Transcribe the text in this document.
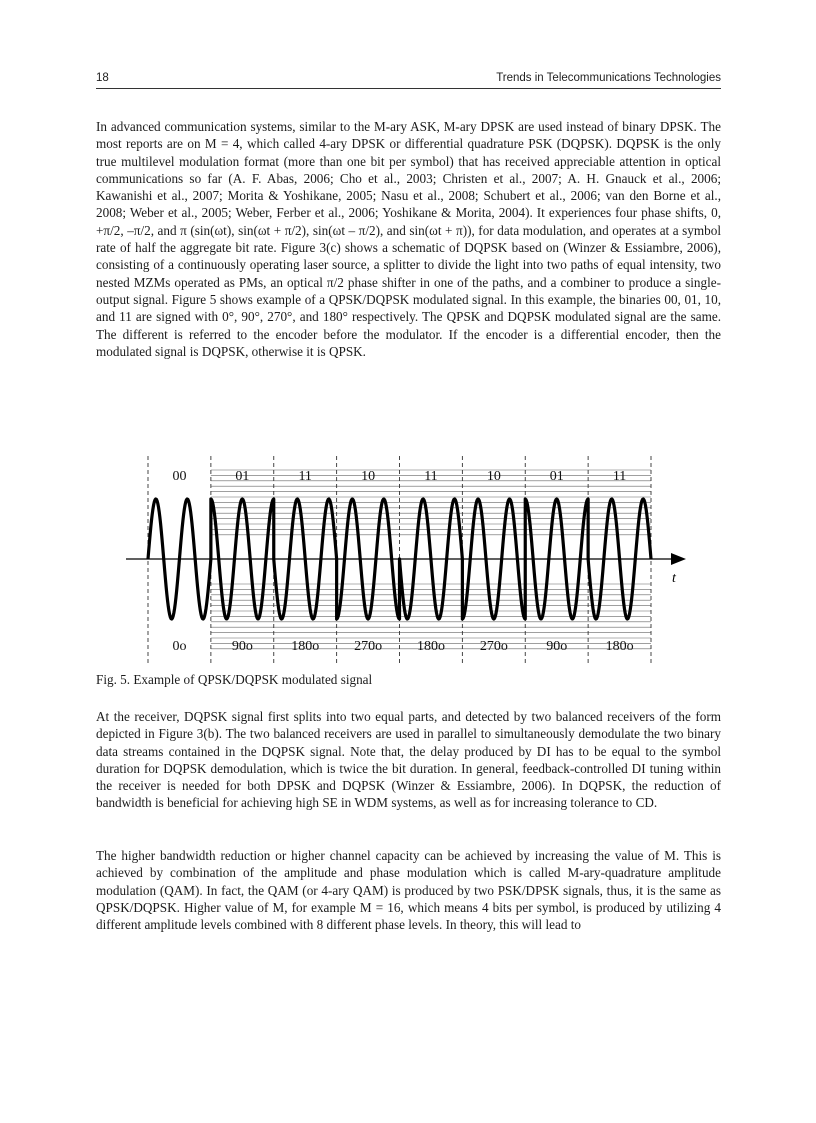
18	Trends in Telecommunications Technologies

In advanced communication systems, similar to the M-ary ASK, M-ary DPSK are used instead of binary DPSK. The most reports are on M = 4, which called 4-ary DPSK or differential quadrature PSK (DQPSK). DQPSK is the only true multilevel modulation format (more than one bit per symbol) that has received appreciable attention in optical communications so far (A. F. Abas, 2006; Cho et al., 2003; Christen et al., 2007; A. H. Gnauck et al., 2006; Kawanishi et al., 2007; Morita & Yoshikane, 2005; Nasu et al., 2008; Schubert et al., 2006; van den Borne et al., 2008; Weber et al., 2005; Weber, Ferber et al., 2006; Yoshikane & Morita, 2004). It experiences four phase shifts, 0, +π/2, –π/2, and π (sin(ωt), sin(ωt + π/2), sin(ωt – π/2), and sin(ωt + π)), for data modulation, and operates at a symbol rate of half the aggregate bit rate. Figure 3(c) shows a schematic of DQPSK based on (Winzer & Essiambre, 2006), consisting of a continuously operating laser source, a splitter to divide the light into two paths of equal intensity, two nested MZMs operated as PMs, an optical π/2 phase shifter in one of the paths, and a combiner to produce a single-output signal. Figure 5 shows example of a QPSK/DQPSK modulated signal. In this example, the binaries 00, 01, 10, and 11 are signed with 0°, 90°, 270°, and 180° respectively. The QPSK and DQPSK modulated signal are the same. The different is referred to the encoder before the modulator. If the encoder is a differential encoder, then the modulated signal is DQPSK, otherwise it is QPSK.

t
00	01	11	10	11	10	01	11
0o	90o	180o 270o 180o 270o	90o	180o

Fig. 5. Example of QPSK/DQPSK modulated signal

At the receiver, DQPSK signal first splits into two equal parts, and detected by two balanced receivers of the form depicted in Figure 3(b). The two balanced receivers are used in parallel to simultaneously demodulate the two binary data streams contained in the DQPSK signal. Note that, the delay produced by DI has to be equal to the symbol duration for DQPSK demodulation, which is twice the bit duration. In general, feedback-controlled DI tuning within the receiver is needed for both DPSK and DQPSK (Winzer & Essiambre, 2006). In DQPSK, the reduction of bandwidth is beneficial for achieving high SE in WDM systems, as well as for increasing tolerance to CD.

The higher bandwidth reduction or higher channel capacity can be achieved by increasing the value of M. This is achieved by combination of the amplitude and phase modulation which is called M-ary-quadrature amplitude modulation (QAM). In fact, the QAM (or 4-ary QAM) is produced by two PSK/DPSK signals, thus, it is the same as QPSK/DQPSK. Higher value of M, for example M = 16, which means 4 bits per symbol, is produced by utilizing 4 different amplitude levels combined with 8 different phase levels. In theory, this will lead to
